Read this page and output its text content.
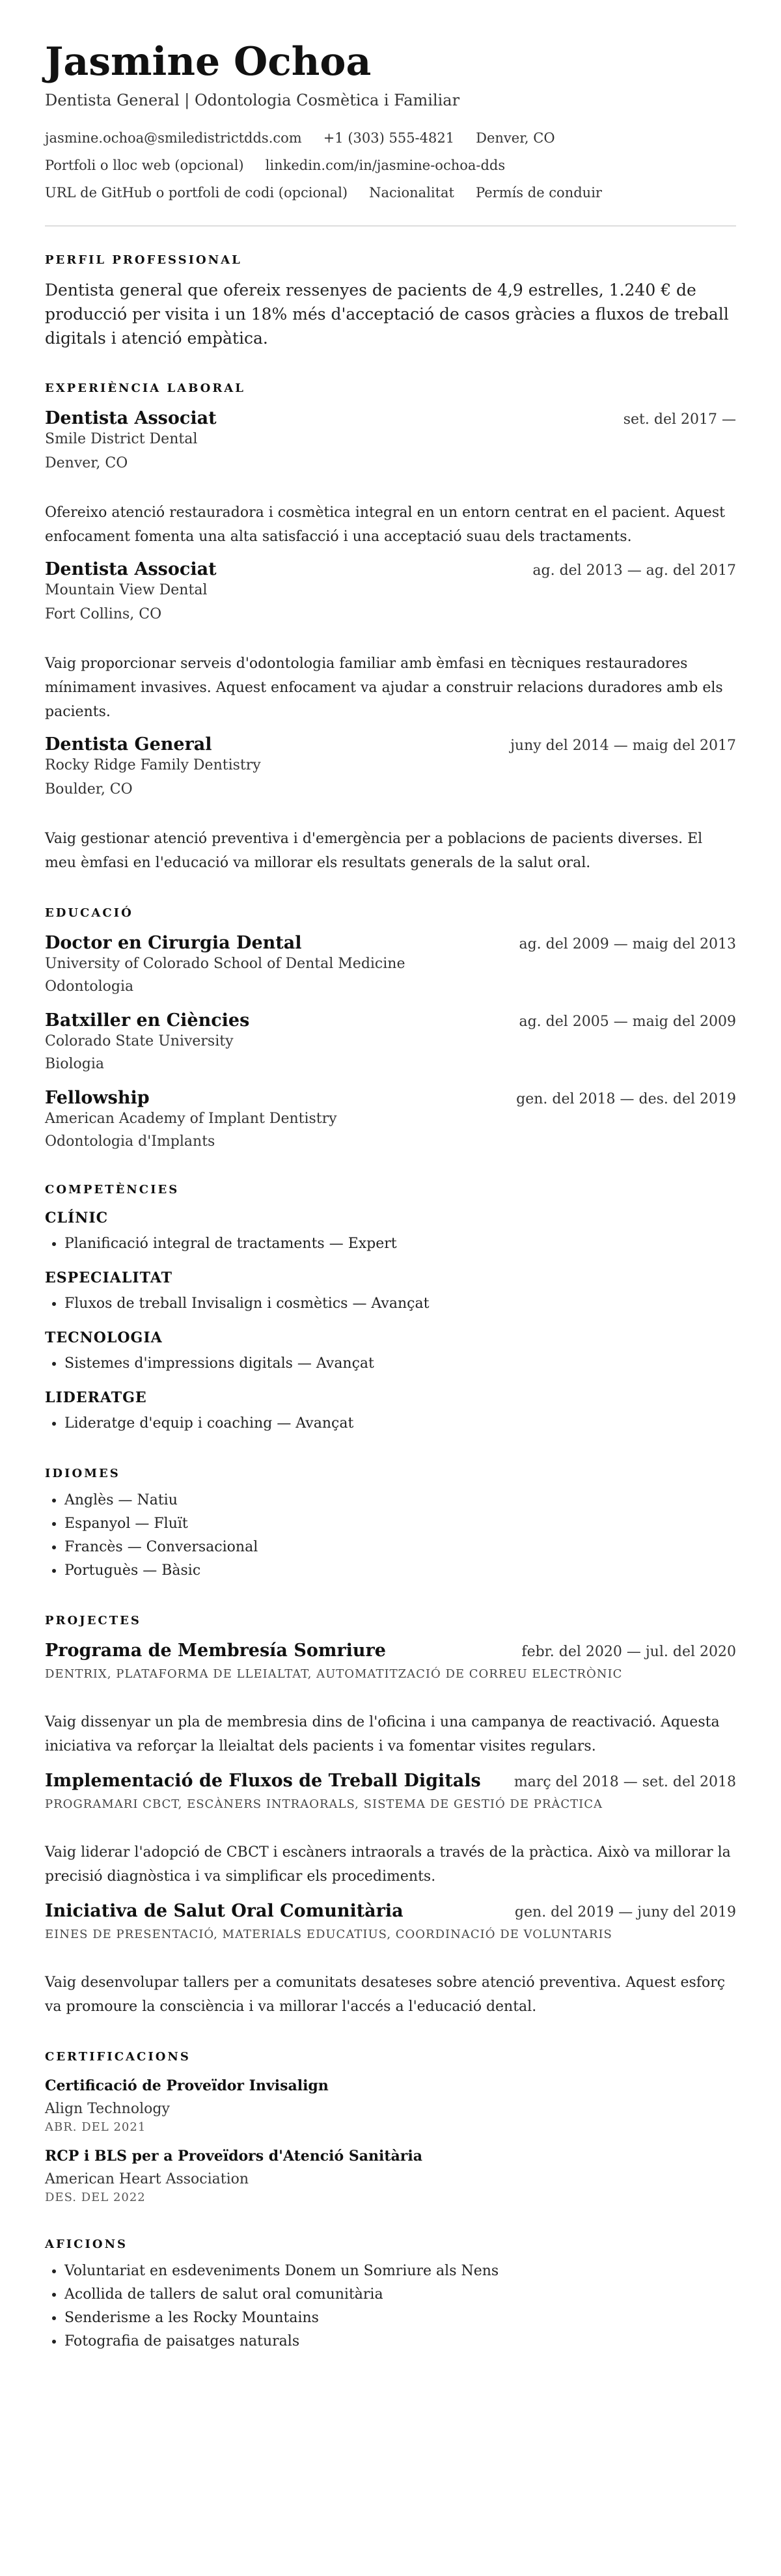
Jasmine Ochoa
Dentista General | Odontologia Cosmètica i Familiar
jasmine.ochoa@smiledistrictdds.com +1 (303) 555-4821 Denver, CO
Portfoli o lloc web (opcional) linkedin.com/in/jasmine-ochoa-dds
URL de GitHub o portfoli de codi (opcional) Nacionalitat Permís de conduir
PERFIL PROFESSIONAL
Dentista general que ofereix ressenyes de pacients de 4,9 estrelles, 1.240 € de producció per visita i un 18% més d'acceptació de casos gràcies a fluxos de treball digitals i atenció empàtica.
EXPERIÈNCIA LABORAL
Dentista Associat	set. del 2017 —
Smile District Dental
Denver, CO
Ofereixo atenció restauradora i cosmètica integral en un entorn centrat en el pacient. Aquest enfocament fomenta una alta satisfacció i una acceptació suau dels tractaments.
Dentista Associat	ag. del 2013 — ag. del 2017
Mountain View Dental
Fort Collins, CO
Vaig proporcionar serveis d'odontologia familiar amb èmfasi en tècniques restauradores mínimament invasives. Aquest enfocament va ajudar a construir relacions duradores amb els pacients.
Dentista General	juny del 2014 — maig del 2017
Rocky Ridge Family Dentistry
Boulder, CO
Vaig gestionar atenció preventiva i d'emergència per a poblacions de pacients diverses. El meu èmfasi en l'educació va millorar els resultats generals de la salut oral.
EDUCACIÓ
Doctor en Cirurgia Dental	ag. del 2009 — maig del 2013
University of Colorado School of Dental Medicine
Odontologia
Batxiller en Ciències	ag. del 2005 — maig del 2009
Colorado State University
Biologia
Fellowship	gen. del 2018 — des. del 2019
American Academy of Implant Dentistry
Odontologia d'Implants
COMPETÈNCIES
CLÍNIC
• Planificació integral de tractaments — Expert
ESPECIALITAT
• Fluxos de treball Invisalign i cosmètics — Avançat
TECNOLOGIA
• Sistemes d'impressions digitals — Avançat
LIDERATGE
• Lideratge d'equip i coaching — Avançat
IDIOMES
• Anglès — Natiu
• Espanyol — Fluït
• Francès — Conversacional
• Portuguès — Bàsic
PROJECTES
Programa de Membresía Somriure	febr. del 2020 — jul. del 2020
DENTRIX, PLATAFORMA DE LLEIALTAT, AUTOMATITZACIÓ DE CORREU ELECTRÒNIC
Vaig dissenyar un pla de membresia dins de l'oficina i una campanya de reactivació. Aquesta iniciativa va reforçar la lleialtat dels pacients i va fomentar visites regulars.
Implementació de Fluxos de Treball Digitals març del 2018 — set. del 2018
PROGRAMARI CBCT, ESCÀNERS INTRAORALS, SISTEMA DE GESTIÓ DE PRÀCTICA
Vaig liderar l'adopció de CBCT i escàners intraorals a través de la pràctica. Això va millorar la precisió diagnòstica i va simplificar els procediments.
Iniciativa de Salut Oral Comunitària	gen. del 2019 — juny del 2019
EINES DE PRESENTACIÓ, MATERIALS EDUCATIUS, COORDINACIÓ DE VOLUNTARIS
Vaig desenvolupar tallers per a comunitats desateses sobre atenció preventiva. Aquest esforç va promoure la consciència i va millorar l'accés a l'educació dental.
CERTIFICACIONS
Certificació de Proveïdor Invisalign
Align Technology
ABR. DEL 2021
RCP i BLS per a Proveïdors d'Atenció Sanitària
American Heart Association
DES. DEL 2022
AFICIONS
• Voluntariat en esdeveniments Donem un Somriure als Nens
• Acollida de tallers de salut oral comunitària
• Senderisme a les Rocky Mountains
• Fotografia de paisatges naturals
